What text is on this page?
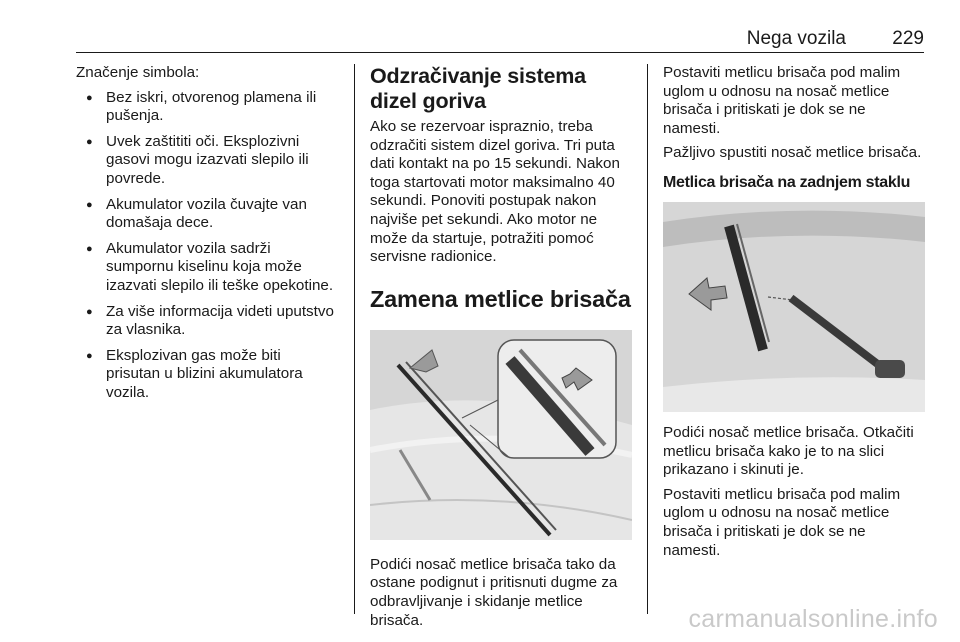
Nega vozila 229

Značenje simbola:

● Bez iskri, otvorenog plamena ili pušenja.
● Uvek zaštititi oči. Eksplozivni gasovi mogu izazvati slepilo ili povrede.
● Akumulator vozila čuvajte van domašaja dece.
● Akumulator vozila sadrži sumpornu kiselinu koja može izazvati slepilo ili teške opekotine.
● Za više informacija videti uputstvo za vlasnika.
● Eksplozivan gas može biti prisutan u blizini akumulatora vozila.
Odzračivanje sistema dizel goriva

Ako se rezervoar ispraznio, treba odzračiti sistem dizel goriva. Tri puta dati kontakt na po 15 sekundi. Nakon toga startovati motor maksimalno 40 sekundi. Ponoviti postupak nakon najviše pet sekundi. Ako motor ne može da startuje, potražiti pomoć servisne radionice.

Zamena metlice brisača

Podići nosač metlice brisača tako da ostane podignut i pritisnuti dugme za odbravljivanje i skidanje metlice brisača.

Postaviti metlicu brisača pod malim uglom u odnosu na nosač metlice brisača i pritiskati je dok se ne namesti.

Pažljivo spustiti nosač metlice brisača.

Metlica brisača na zadnjem staklu

Podići nosač metlice brisača. Otkačiti metlicu brisača kako je to na slici prikazano i skinuti je.

Postaviti metlicu brisača pod malim uglom u odnosu na nosač metlice brisača i pritiskati je dok se ne namesti.

carmanualsonline.info
